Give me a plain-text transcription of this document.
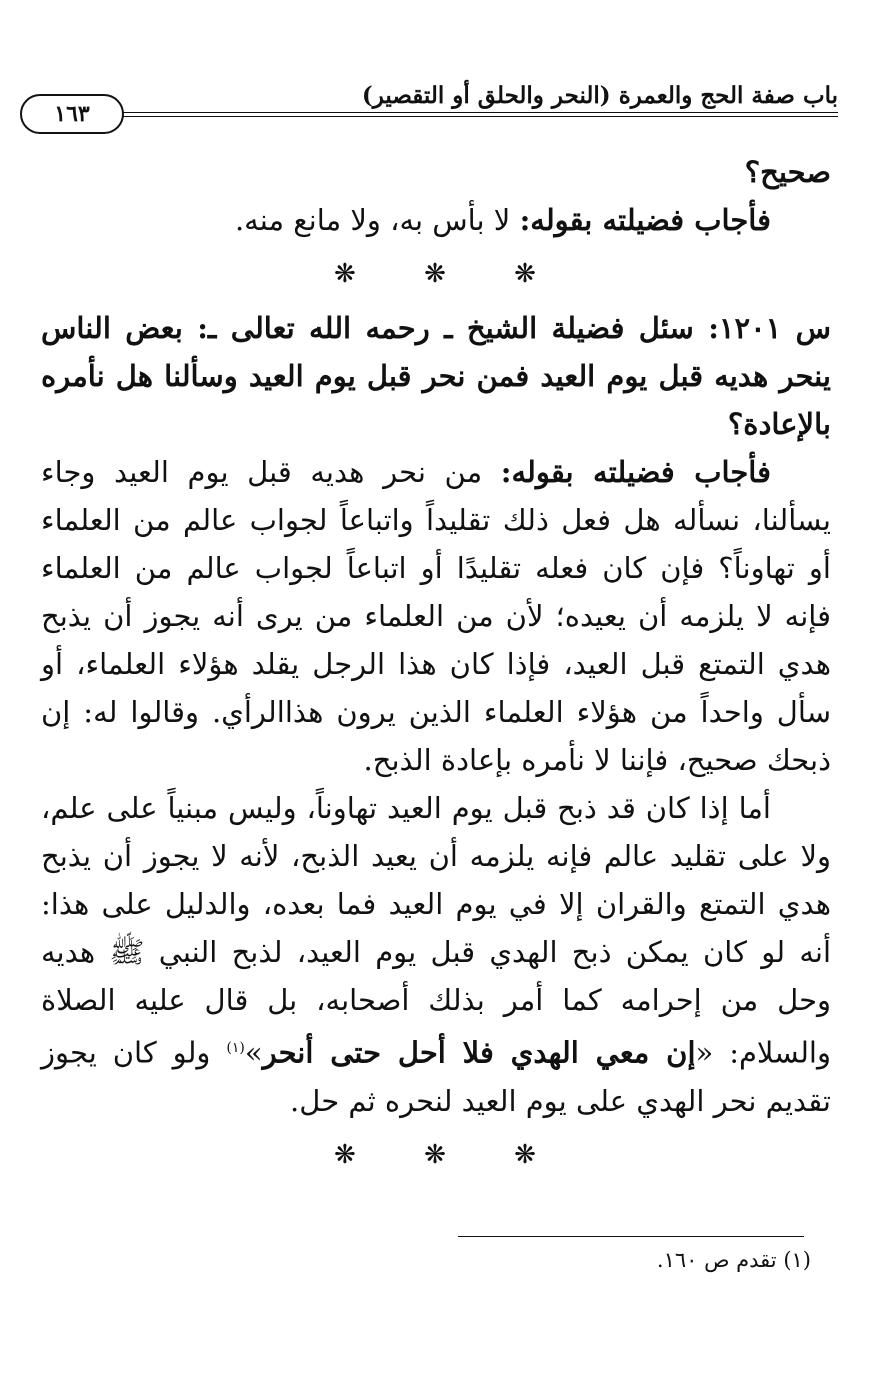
باب صفة الحج والعمرة (النحر والحلق أو التقصير)
١٦٣

صحيح؟

فأجاب فضيلته بقوله: لا بأس به، ولا مانع منه.

❋ ❋ ❋

س ١٢٠١: سئل فضيلة الشيخ ـ رحمه الله تعالى ـ: بعض الناس ينحر هديه قبل يوم العيد فمن نحر قبل يوم العيد وسألنا هل نأمره بالإعادة؟

فأجاب فضيلته بقوله: من نحر هديه قبل يوم العيد وجاء يسألنا، نسأله هل فعل ذلك تقليداً واتباعاً لجواب عالم من العلماء أو تهاوناً؟ فإن كان فعله تقليدًا أو اتباعاً لجواب عالم من العلماء فإنه لا يلزمه أن يعيده؛ لأن من العلماء من يرى أنه يجوز أن يذبح هدي التمتع قبل العيد، فإذا كان هذا الرجل يقلد هؤلاء العلماء، أو سأل واحداً من هؤلاء العلماء الذين يرون هذاالرأي. وقالوا له: إن ذبحك صحيح، فإننا لا نأمره بإعادة الذبح.

أما إذا كان قد ذبح قبل يوم العيد تهاوناً، وليس مبنياً على علم، ولا على تقليد عالم فإنه يلزمه أن يعيد الذبح، لأنه لا يجوز أن يذبح هدي التمتع والقران إلا في يوم العيد فما بعده، والدليل على هذا: أنه لو كان يمكن ذبح الهدي قبل يوم العيد، لذبح النبي ﷺ هديه وحل من إحرامه كما أمر بذلك أصحابه، بل قال عليه الصلاة والسلام: «إن معي الهدي فلا أحل حتى أنحر»$^{(١)}$ ولو كان يجوز تقديم نحر الهدي على يوم العيد لنحره ثم حل.

❋ ❋ ❋
(١) تقدم ص ١٦٠.
